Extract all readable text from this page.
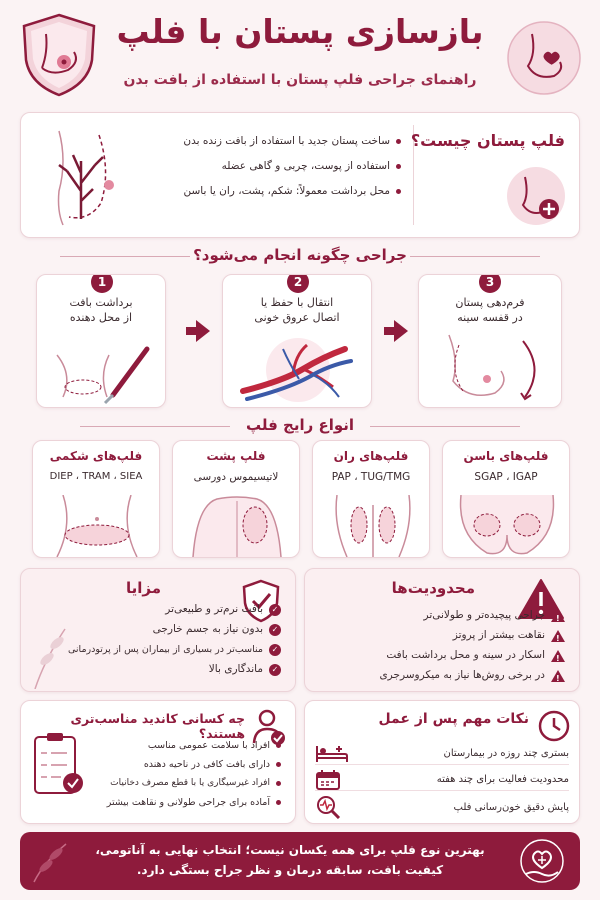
بازسازی پستان با فلپ
راهنمای جراحی فلپ پستان با استفاده از بافت بدن
ساخت پستان جدید با استفاده از بافت زنده بدن
استفاده از پوست، چربی و گاهی عضله
محل برداشت معمولاً: شکم، پشت، ران یا باسن
فلپ پستان چیست؟
جراحی چگونه انجام می‌شود؟
1
برداشت بافت
از محل دهنده
2
انتقال با حفظ یا
اتصال عروق خونی
3
فرم‌دهی پستان
در قفسه سینه
انواع رایج فلپ
فلپ‌های شکمی
DIEP ، TRAM ، SIEA
فلپ پشت
لاتیسیموس دورسی
فلپ‌های ران
PAP ، TUG/TMG
فلپ‌های باسن
SGAP ، IGAP
مزایا
✓
بافت نرم‌تر و طبیعی‌تر
✓
بدون نیاز به جسم خارجی
✓
مناسب‌تر در بسیاری از بیماران پس از پرتودرمانی
✓
ماندگاری بالا
محدودیت‌ها
!
جراحی پیچیده‌تر و طولانی‌تر
!
نقاهت بیشتر از پروتز
!
اسکار در سینه و محل برداشت بافت
!
در برخی روش‌ها نیاز به میکروسرجری
چه کسانی کاندید مناسب‌تری هستند؟
افراد با سلامت عمومی مناسب
دارای بافت کافی در ناحیه دهنده
افراد غیرسیگاری یا با قطع مصرف دخانیات
آماده برای جراحی طولانی و نقاهت بیشتر
نکات مهم پس از عمل
بستری چند روزه در بیمارستان
محدودیت فعالیت برای چند هفته
پایش دقیق خون‌رسانی فلپ
بهترین نوع فلپ برای همه یکسان نیست؛ انتخاب نهایی به آناتومی،
کیفیت بافت، سابقه درمان و نظر جراح بستگی دارد.
